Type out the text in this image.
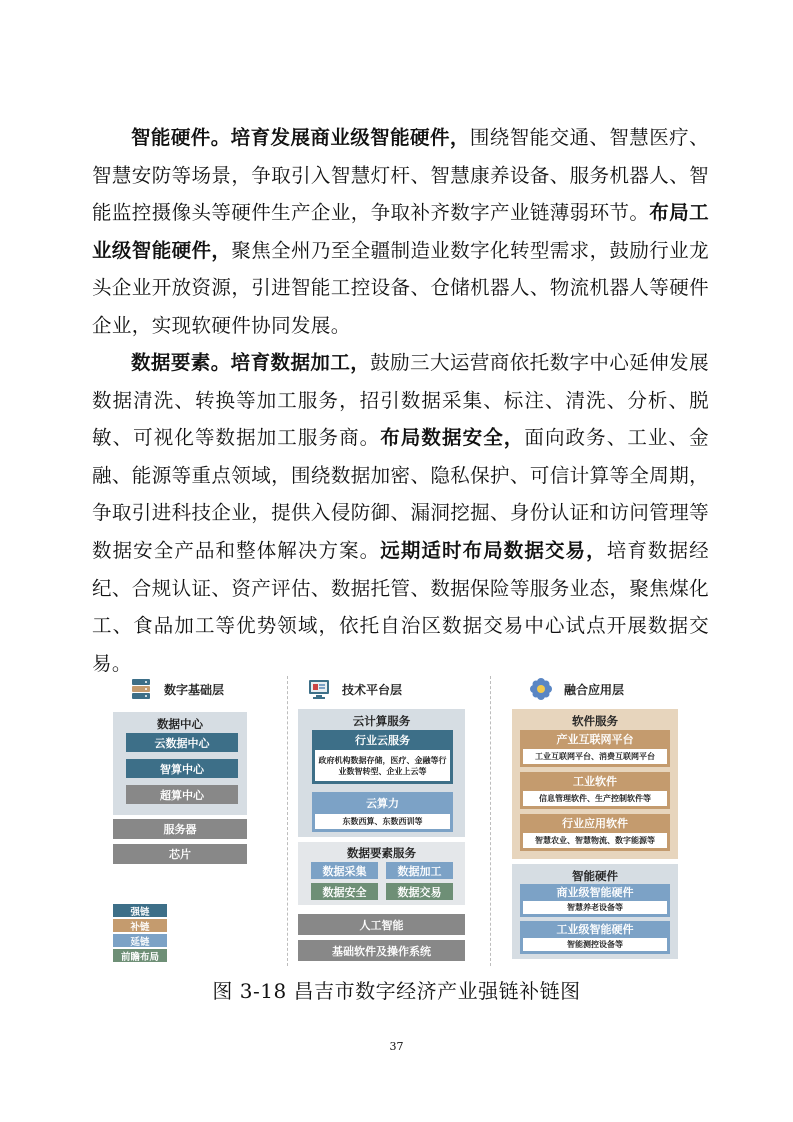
智能硬件。培育发展商业级智能硬件，围绕智能交通、智慧医疗、智慧安防等场景，争取引入智慧灯杆、智慧康养设备、服务机器人、智能监控摄像头等硬件生产企业，争取补齐数字产业链薄弱环节。布局工业级智能硬件，聚焦全州乃至全疆制造业数字化转型需求，鼓励行业龙头企业开放资源，引进智能工控设备、仓储机器人、物流机器人等硬件企业，实现软硬件协同发展。

数据要素。培育数据加工，鼓励三大运营商依托数字中心延伸发展数据清洗、转换等加工服务，招引数据采集、标注、清洗、分析、脱敏、可视化等数据加工服务商。布局数据安全，面向政务、工业、金融、能源等重点领域，围绕数据加密、隐私保护、可信计算等全周期，争取引进科技企业，提供入侵防御、漏洞挖掘、身份认证和访问管理等数据安全产品和整体解决方案。远期适时布局数据交易，培育数据经纪、合规认证、资产评估、数据托管、数据保险等服务业态，聚焦煤化工、食品加工等优势领域，依托自治区数据交易中心试点开展数据交易。

数字基础层	技术平台层	融合应用层
数据中心
云数据中心
智算中心
超算中心
服务器
芯片
强链
补链
延链
前瞻布局
云计算服务
行业云服务
政府机构数据存储，医疗、金融等行业数智转型、企业上云等
云算力
东数西算、东数西训等
数据要素服务
数据采集	数据加工
数据安全	数据交易
人工智能
基础软件及操作系统
软件服务
产业互联网平台
工业互联网平台、消费互联网平台
工业软件
信息管理软件、生产控制软件等
行业应用软件
智慧农业、智慧物流、数字能源等
智能硬件
商业级智能硬件
智慧养老设备等
工业级智能硬件
智能测控设备等
图 3-18 昌吉市数字经济产业强链补链图
37
